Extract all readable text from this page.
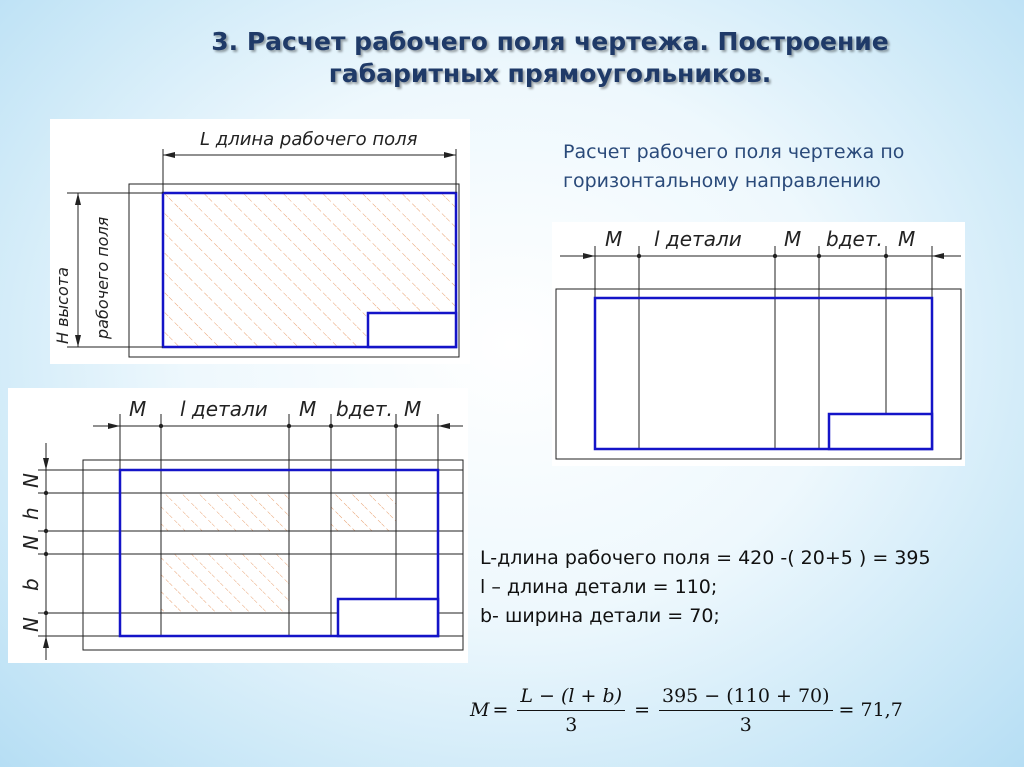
3. Расчет рабочего поля чертежа. Построение
габаритных прямоугольников.
Расчет рабочего поля чертежа по
горизонтальному направлению
L длина рабочего поля
H высота рабочего поля
M l детали M bдет. M
N
h
N
b
N
M l детали M bдет. M
L-длина рабочего поля = 420 -( 20+5 ) = 395
l – длина детали = 110;
b- ширина детали = 70;
$M = \frac{L - (l + b)}{3} = \frac{395 - (110 + 70)}{3} = 71,7$
